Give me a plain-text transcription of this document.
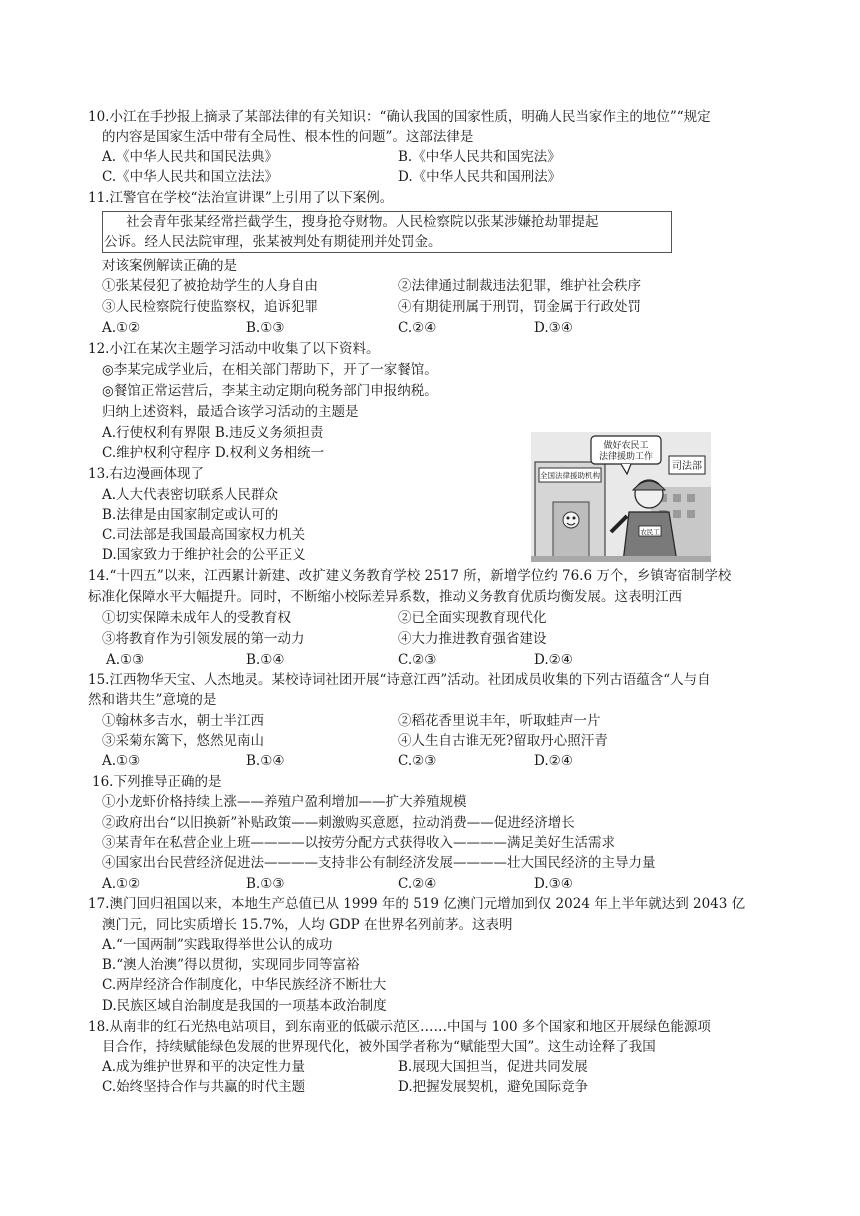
10.小江在手抄报上摘录了某部法律的有关知识：“确认我国的国家性质，明确人民当家作主的地位”“规定
的内容是国家生活中带有全局性、根本性的问题”。这部法律是
A.《中华人民共和国民法典》	B.《中华人民共和国宪法》
C.《中华人民共和国立法法》	D.《中华人民共和国刑法》
11.江警官在学校“法治宣讲课”上引用了以下案例。
社会青年张某经常拦截学生，搜身抢夺财物。人民检察院以张某涉嫌抢劫罪提起
公诉。经人民法院审理，张某被判处有期徒刑并处罚金。
对该案例解读正确的是
①张某侵犯了被抢劫学生的人身自由	②法律通过制裁违法犯罪，维护社会秩序
③人民检察院行使监察权，追诉犯罪	④有期徒刑属于刑罚，罚金属于行政处罚
A.①②	B.①③	C.②④	D.③④
12.小江在某次主题学习活动中收集了以下资料。
◎李某完成学业后，在相关部门帮助下，开了一家餐馆。
◎餐馆正常运营后，李某主动定期向税务部门申报纳税。
归纳上述资料，最适合该学习活动的主题是
A.行使权利有界限 B.违反义务须担责
C.维护权利守程序 D.权利义务相统一
13.右边漫画体现了
A.人大代表密切联系人民群众
B.法律是由国家制定或认可的
C.司法部是我国最高国家权力机关
D.国家致力于维护社会的公平正义
做好农民工
法律援助工作
全国法律援助机构
司法部
农民工
14.“十四五”以来，江西累计新建、改扩建义务教育学校 2517 所，新增学位约 76.6 万个，乡镇寄宿制学校
标准化保障水平大幅提升。同时，不断缩小校际差异系数，推动义务教育优质均衡发展。这表明江西
①切实保障未成年人的受教育权	②已全面实现教育现代化
③将教育作为引领发展的第一动力	④大力推进教育强省建设
A.①③	B.①④	C.②③	D.②④
15.江西物华天宝、人杰地灵。某校诗词社团开展“诗意江西”活动。社团成员收集的下列古语蕴含“人与自
然和谐共生”意境的是
①翰林多吉水，朝士半江西	②稻花香里说丰年，听取蛙声一片
③采菊东篱下，悠然见南山	④人生自古谁无死?留取丹心照汗青
A.①③	B.①④	C.②③	D.②④
16.下列推导正确的是
①小龙虾价格持续上涨——养殖户盈利增加——扩大养殖规模
②政府出台“以旧换新”补贴政策——刺激购买意愿，拉动消费——促进经济增长
③某青年在私营企业上班————以按劳分配方式获得收入————满足美好生活需求
④国家出台民营经济促进法————支持非公有制经济发展————壮大国民经济的主导力量
A.①②	B.①③	C.②④	D.③④
17.澳门回归祖国以来，本地生产总值已从 1999 年的 519 亿澳门元增加到仅 2024 年上半年就达到 2043 亿
澳门元，同比实质增长 15.7%，人均 GDP 在世界名列前茅。这表明
A.“一国两制”实践取得举世公认的成功
B.“澳人治澳”得以贯彻，实现同步同等富裕
C.两岸经济合作制度化，中华民族经济不断壮大
D.民族区域自治制度是我国的一项基本政治制度
18.从南非的红石光热电站项目，到东南亚的低碳示范区……中国与 100 多个国家和地区开展绿色能源项
目合作，持续赋能绿色发展的世界现代化，被外国学者称为“赋能型大国”。这生动诠释了我国
A.成为维护世界和平的决定性力量	B.展现大国担当，促进共同发展
C.始终坚持合作与共赢的时代主题	D.把握发展契机，避免国际竞争
